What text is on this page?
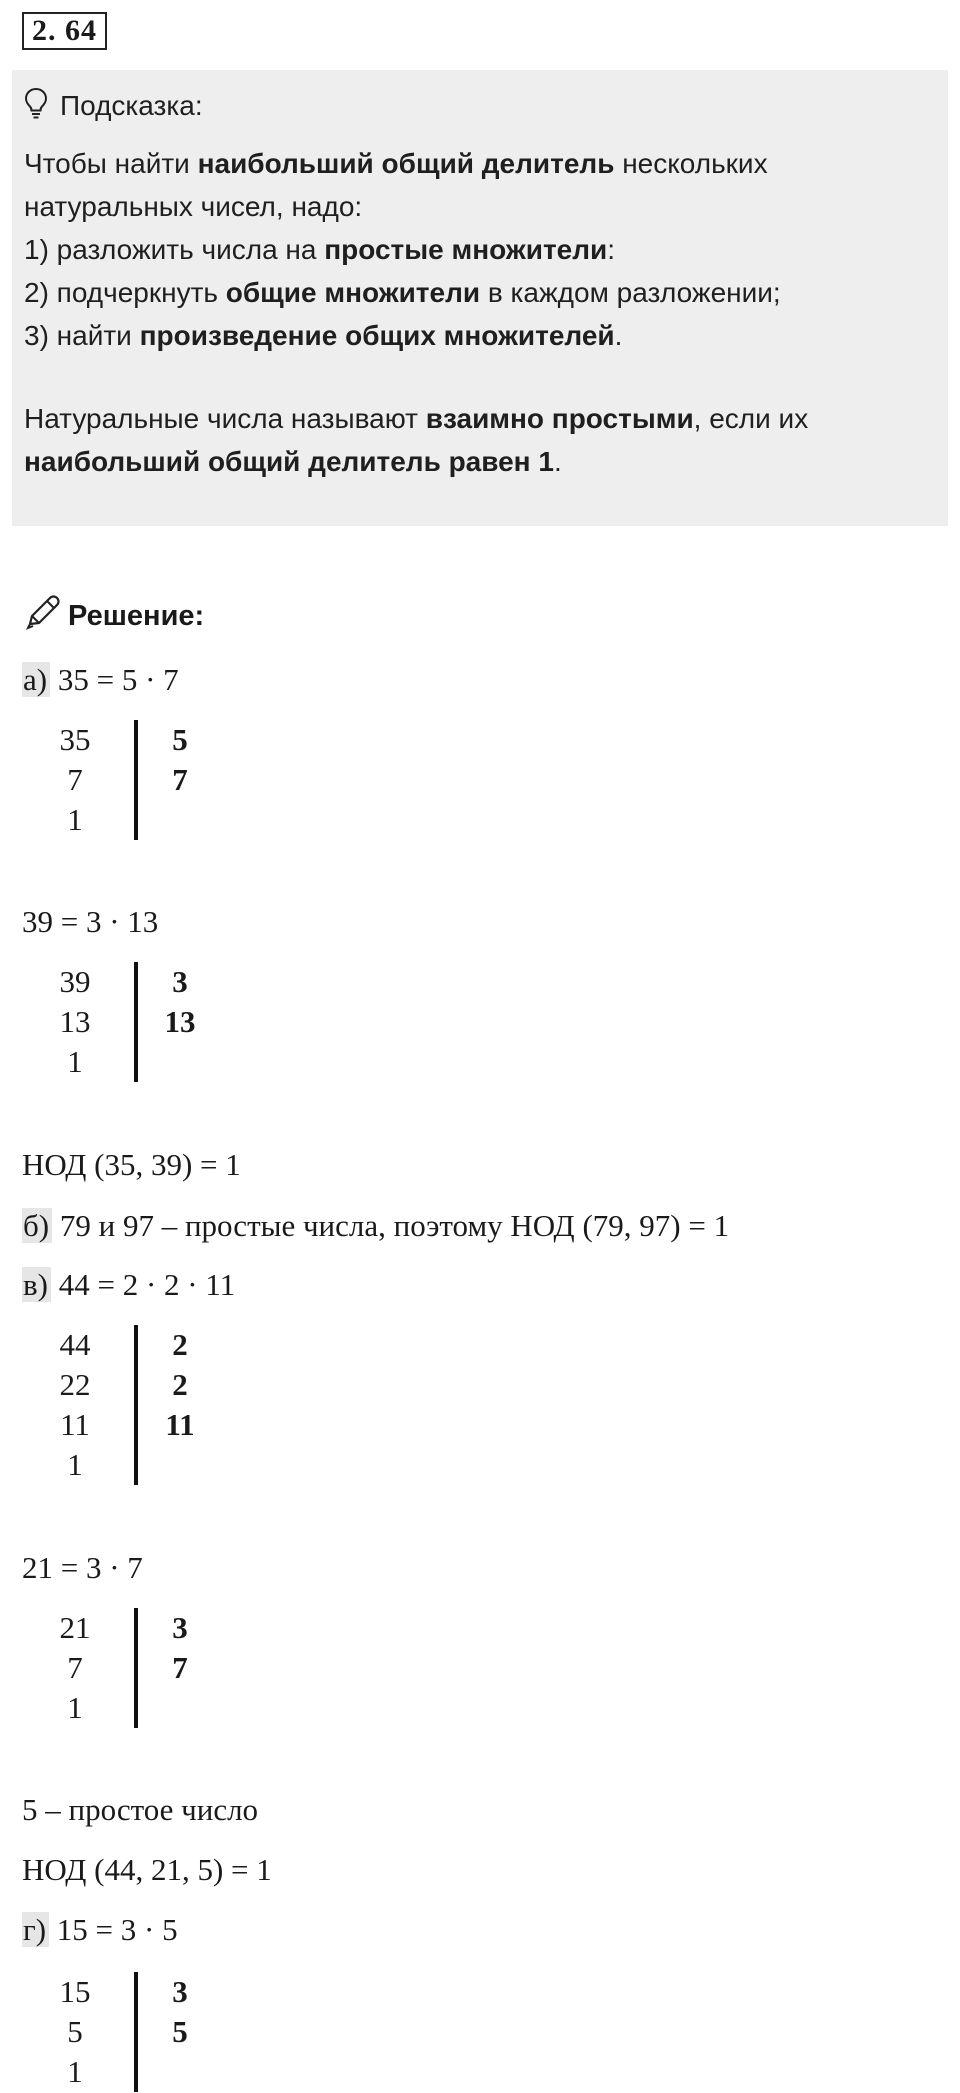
2. 64
Подсказка:
Чтобы найти наибольший общий делитель нескольких
натуральных чисел, надо:
1) разложить числа на простые множители:
2) подчеркнуть общие множители в каждом разложении;
3) найти произведение общих множителей.
Натуральные числа называют взаимно простыми, если их
наибольший общий делитель равен 1.
Решение:
а) 35 = 5 · 7
35	5
7	7
1
39 = 3 · 13
39	3
13	13
1
НОД (35, 39) = 1
б) 79 и 97 – простые числа, поэтому НОД (79, 97) = 1
в) 44 = 2 · 2 · 11
44	2
22	2
11	11
1
21 = 3 · 7
21	3
7	7
1
5 – простое число
НОД (44, 21, 5) = 1
г) 15 = 3 · 5
15	3
5	5
1
